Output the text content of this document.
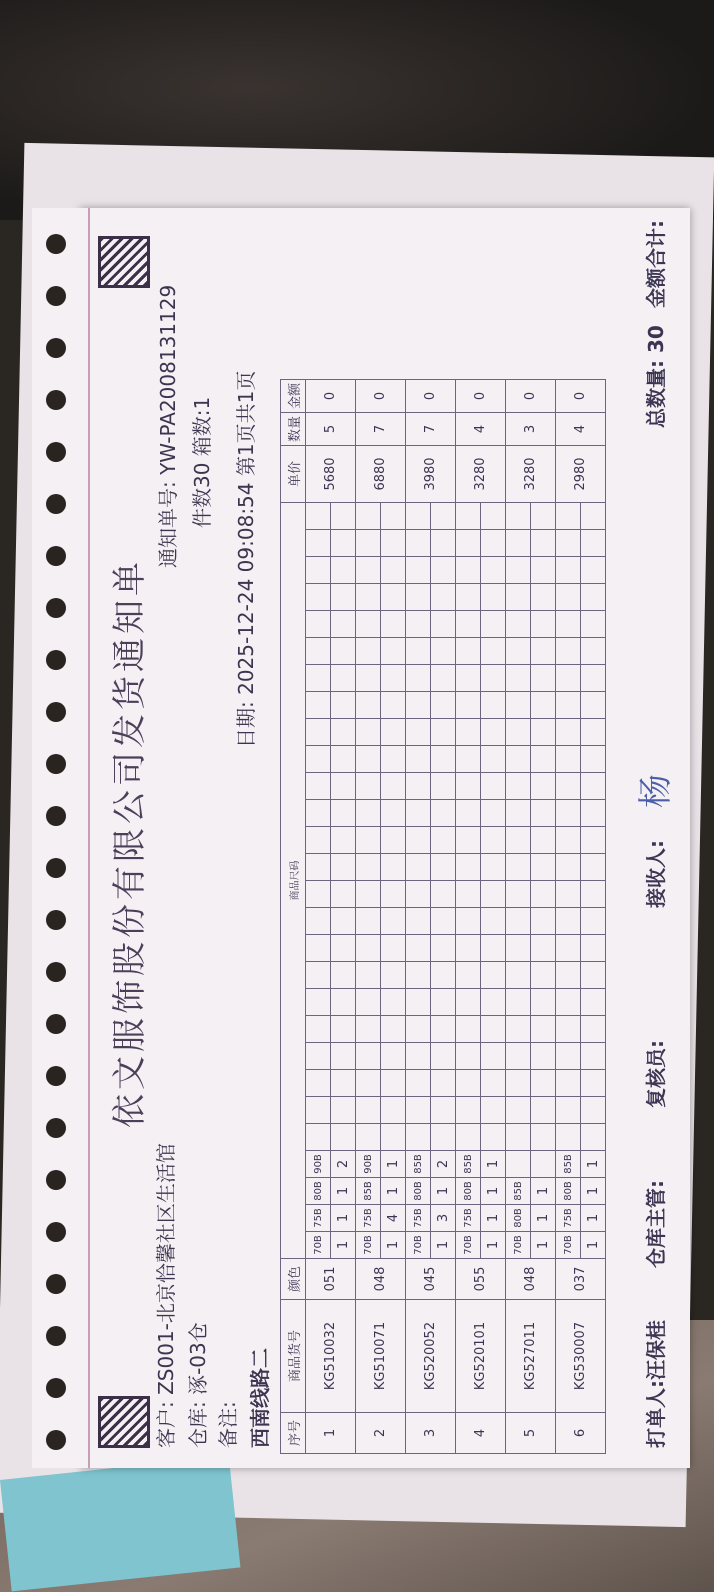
依文服饰股份有限公司发货通知单
通知单号: YW-PA2008131129 件数30 箱数:1 日期: 2025-12-24 09:08:54 第1页共1页
客户: ZS001-北京恰馨社区生活馆 仓库: 涿-03仓 备注: 西南线路二 序号	商品货号	颜色	商品尺码																												单价	数量	金额
1	KG510032	051	70B	75B	80B	90B																									5680	5	0
			1	1	1	2																											
2	KG510071	048	70B	75B	85B	90B																									6880	7	0
			1	4	1	1																											
3	KG520052	045	70B	75B	80B	85B																									3980	7	0
			1	3	1	2																											
4	KG520101	055	70B	75B	80B	85B																									3280	4	0
			1	1	1	1																											
5	KG527011	048	70B	80B	85B																										3280	3	0
			1	1	1																												
6	KG530007	037	70B	75B	80B	85B																									2980	4	0
			1	1	1	1																											
打单人:汪保桂
仓库主管:
复核员:
接收人:
杨
总数量: 30
金额合计:
